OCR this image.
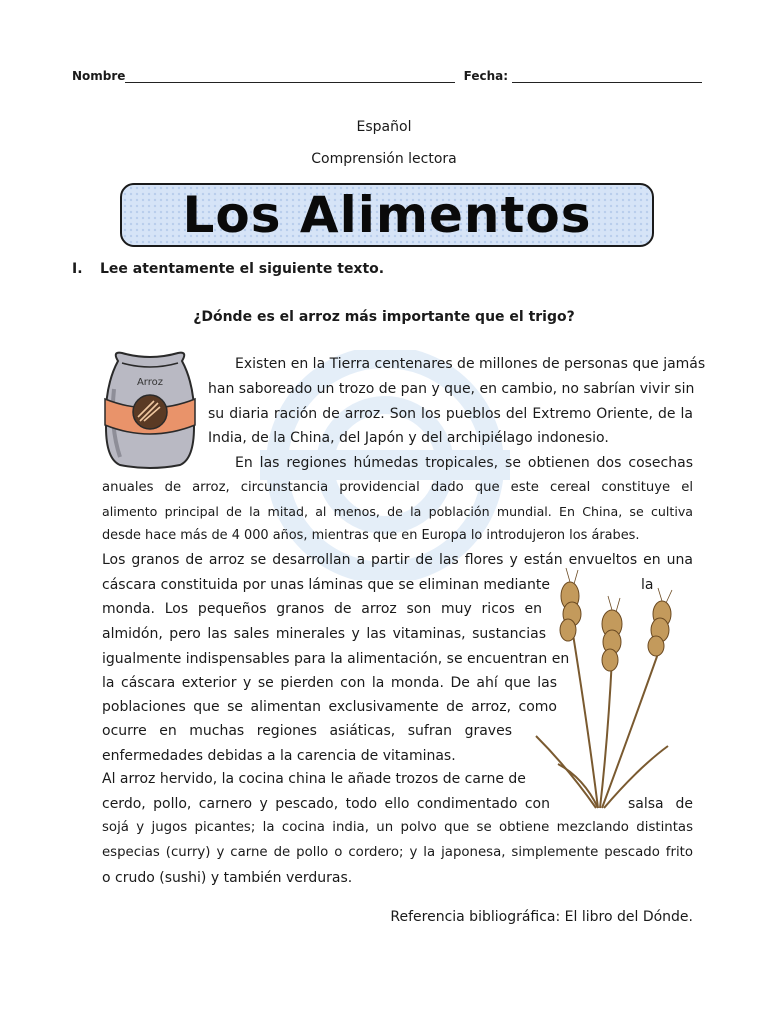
Nombre	Fecha:
Español
Comprensión lectora
Los Alimentos
I. Lee atentamente el siguiente texto.
¿Dónde es el arroz más importante que el trigo?
Arroz
Existen en la Tierra centenares de millones de personas que jamás
han saboreado un trozo de pan y que, en cambio, no sabrían vivir sin
su diaria ración de arroz. Son los pueblos del Extremo Oriente, de la
India, de la China, del Japón y del archipiélago indonesio.
En las regiones húmedas tropicales, se obtienen dos cosechas
anuales de arroz, circunstancia providencial dado que este cereal constituye el
alimento principal de la mitad, al menos, de la población mundial. En China, se cultiva
desde hace más de 4 000 años, mientras que en Europa lo introdujeron los árabes.
Los granos de arroz se desarrollan a partir de las flores y están envueltos en una
cáscara constituida por unas láminas que se eliminan mediante	la
monda. Los pequeños granos de arroz son muy ricos en
almidón, pero las sales minerales y las vitaminas, sustancias
igualmente indispensables para la alimentación, se encuentran en
la cáscara exterior y se pierden con la monda. De ahí que las
poblaciones que se alimentan exclusivamente de arroz, como
ocurre en muchas regiones asiáticas, sufran graves
enfermedades debidas a la carencia de vitaminas.
Al arroz hervido, la cocina china le añade trozos de carne de
cerdo, pollo, carnero y pescado, todo ello condimentado con	salsa de
sojá y jugos picantes; la cocina india, un polvo que se obtiene mezclando distintas
especias (curry) y carne de pollo o cordero; y la japonesa, simplemente pescado frito
o crudo (sushi) y también verduras.
Referencia bibliográfica: El libro del Dónde.
